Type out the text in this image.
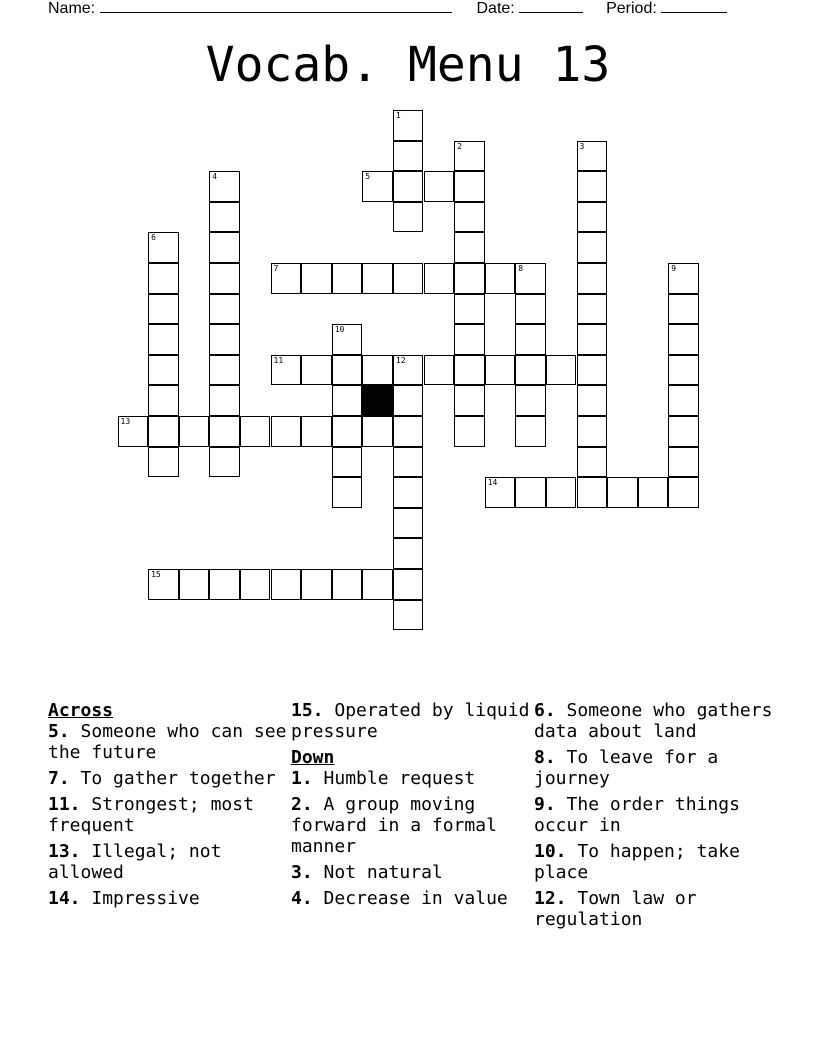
Name:	Date:	Period:
Vocab. Menu 13
5
7
11	12
13
14
15
1
2	3
4
6
8	9
10
Across
5. Someone who can see the future
7. To gather together
11. Strongest; most frequent
13. Illegal; not allowed
14. Impressive
15. Operated by liquid pressure
Down
1. Humble request
2. A group moving forward in a formal manner
3. Not natural
4. Decrease in value
6. Someone who gathers data about land
8. To leave for a journey
9. The order things occur in
10. To happen; take place
12. Town law or regulation
